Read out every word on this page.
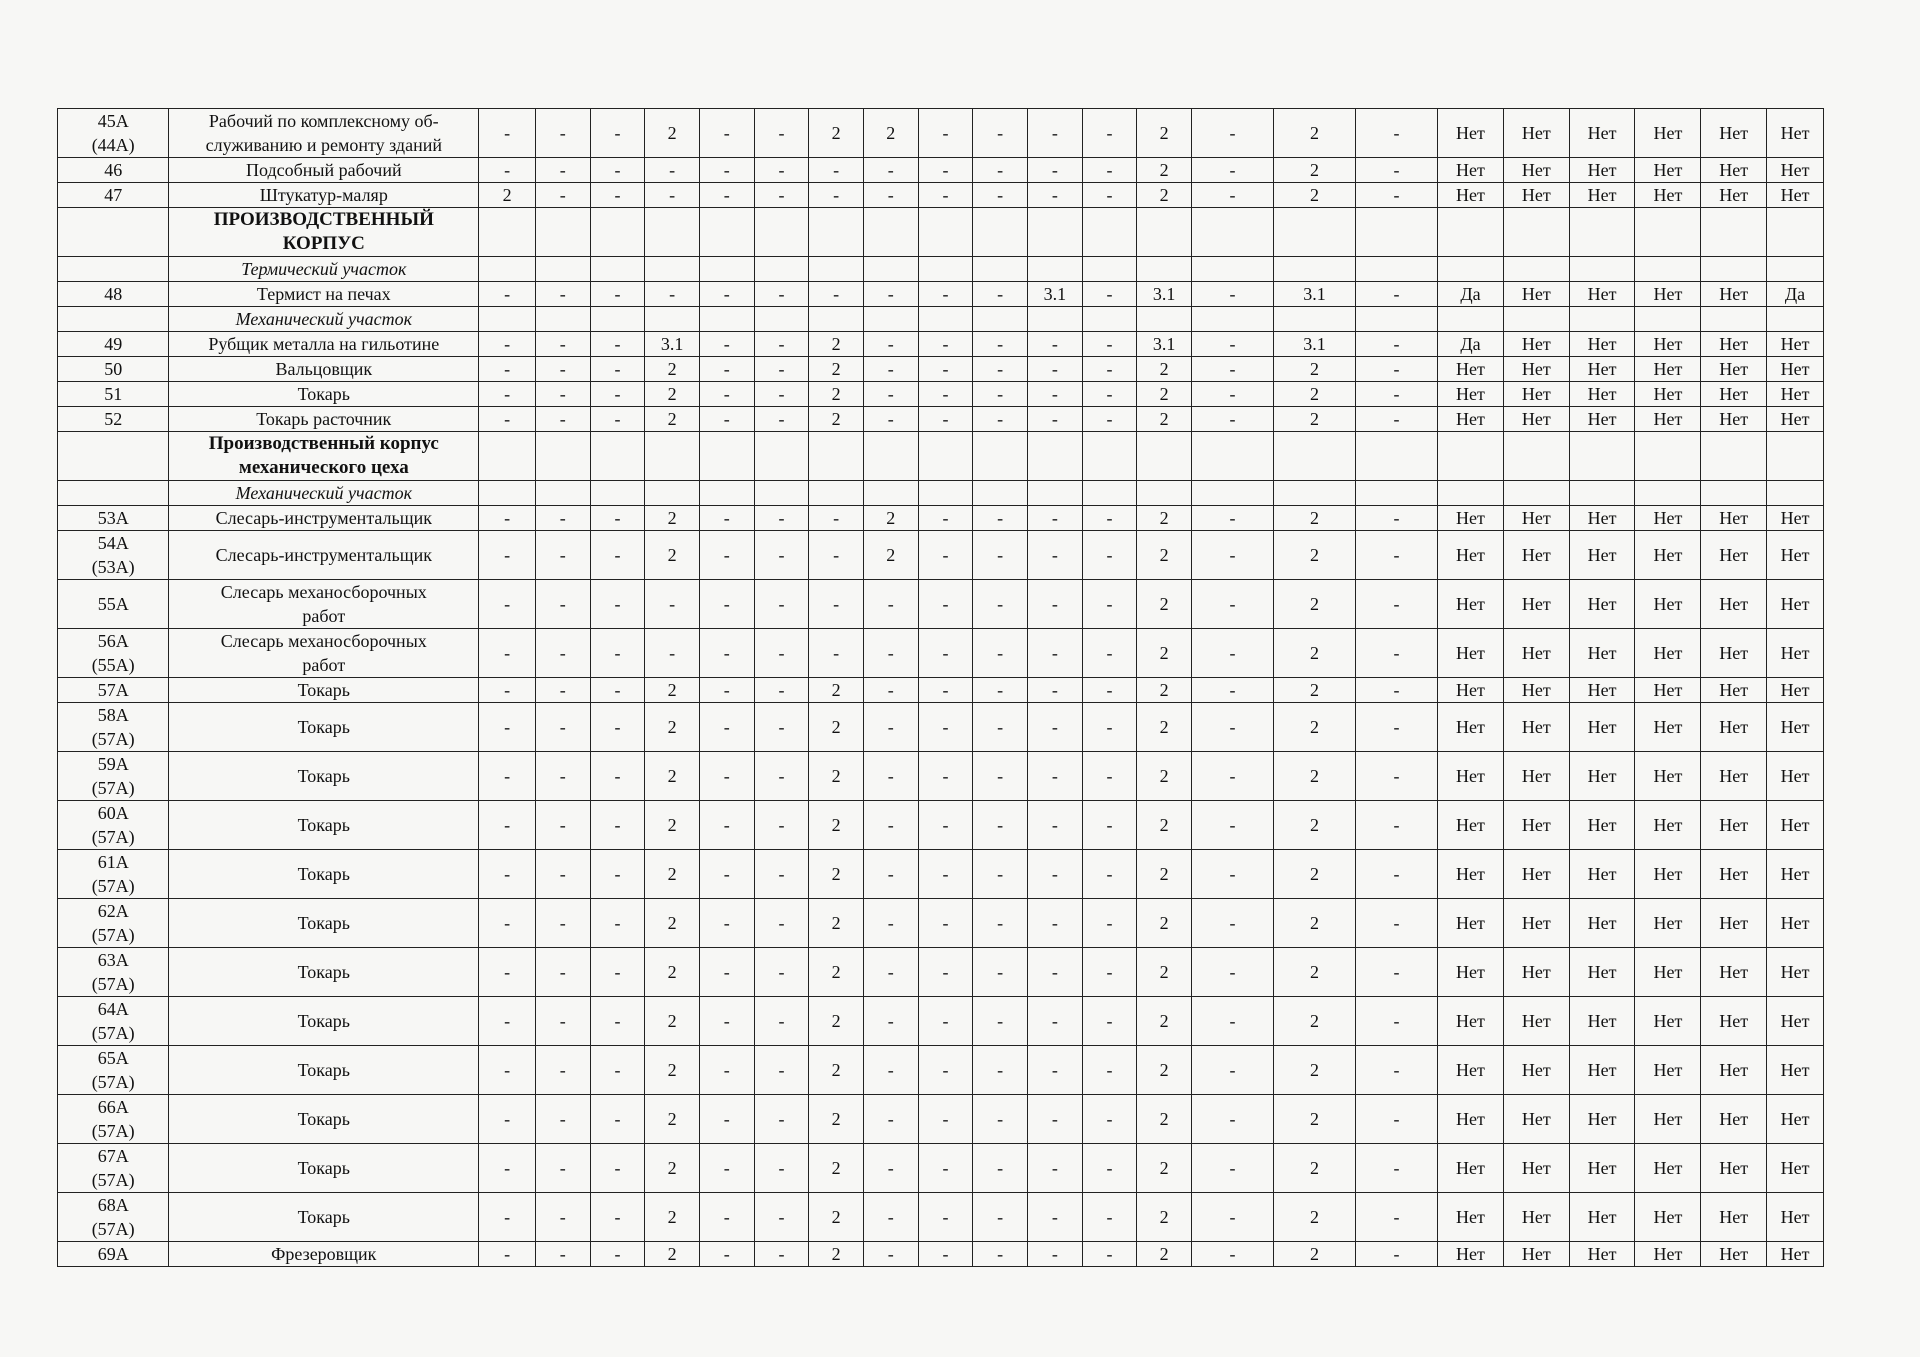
45А
(44А)	Рабочий по комплексному об-
служиванию и ремонту зданий	-	-	-	2	-	-	2	2	-	-	-	-	2	-	2	-	Нет	Нет	Нет	Нет	Нет	Нет
46	Подсобный рабочий	-	-	-	-	-	-	-	-	-	-	-	-	2	-	2	-	Нет	Нет	Нет	Нет	Нет	Нет
47	Штукатур-маляр	2	-	-	-	-	-	-	-	-	-	-	-	2	-	2	-	Нет	Нет	Нет	Нет	Нет	Нет
	ПРОИЗВОДСТВЕННЫЙ
КОРПУС																						
	Термический участок																						
48	Термист на печах	-	-	-	-	-	-	-	-	-	-	3.1	-	3.1	-	3.1	-	Да	Нет	Нет	Нет	Нет	Да
	Механический участок																						
49	Рубщик металла на гильотине	-	-	-	3.1	-	-	2	-	-	-	-	-	3.1	-	3.1	-	Да	Нет	Нет	Нет	Нет	Нет
50	Вальцовщик	-	-	-	2	-	-	2	-	-	-	-	-	2	-	2	-	Нет	Нет	Нет	Нет	Нет	Нет
51	Токарь	-	-	-	2	-	-	2	-	-	-	-	-	2	-	2	-	Нет	Нет	Нет	Нет	Нет	Нет
52	Токарь расточник	-	-	-	2	-	-	2	-	-	-	-	-	2	-	2	-	Нет	Нет	Нет	Нет	Нет	Нет
	Производственный корпус
механического цеха																						
	Механический участок																						
53А	Слесарь-инструментальщик	-	-	-	2	-	-	-	2	-	-	-	-	2	-	2	-	Нет	Нет	Нет	Нет	Нет	Нет
54А
(53А)	Слесарь-инструментальщик	-	-	-	2	-	-	-	2	-	-	-	-	2	-	2	-	Нет	Нет	Нет	Нет	Нет	Нет
55А	Слесарь механосборочных
работ	-	-	-	-	-	-	-	-	-	-	-	-	2	-	2	-	Нет	Нет	Нет	Нет	Нет	Нет
56А
(55А)	Слесарь механосборочных
работ	-	-	-	-	-	-	-	-	-	-	-	-	2	-	2	-	Нет	Нет	Нет	Нет	Нет	Нет
57А	Токарь	-	-	-	2	-	-	2	-	-	-	-	-	2	-	2	-	Нет	Нет	Нет	Нет	Нет	Нет
58А
(57А)	Токарь	-	-	-	2	-	-	2	-	-	-	-	-	2	-	2	-	Нет	Нет	Нет	Нет	Нет	Нет
59А
(57А)	Токарь	-	-	-	2	-	-	2	-	-	-	-	-	2	-	2	-	Нет	Нет	Нет	Нет	Нет	Нет
60А
(57А)	Токарь	-	-	-	2	-	-	2	-	-	-	-	-	2	-	2	-	Нет	Нет	Нет	Нет	Нет	Нет
61А
(57А)	Токарь	-	-	-	2	-	-	2	-	-	-	-	-	2	-	2	-	Нет	Нет	Нет	Нет	Нет	Нет
62А
(57А)	Токарь	-	-	-	2	-	-	2	-	-	-	-	-	2	-	2	-	Нет	Нет	Нет	Нет	Нет	Нет
63А
(57А)	Токарь	-	-	-	2	-	-	2	-	-	-	-	-	2	-	2	-	Нет	Нет	Нет	Нет	Нет	Нет
64А
(57А)	Токарь	-	-	-	2	-	-	2	-	-	-	-	-	2	-	2	-	Нет	Нет	Нет	Нет	Нет	Нет
65А
(57А)	Токарь	-	-	-	2	-	-	2	-	-	-	-	-	2	-	2	-	Нет	Нет	Нет	Нет	Нет	Нет
66А
(57А)	Токарь	-	-	-	2	-	-	2	-	-	-	-	-	2	-	2	-	Нет	Нет	Нет	Нет	Нет	Нет
67А
(57А)	Токарь	-	-	-	2	-	-	2	-	-	-	-	-	2	-	2	-	Нет	Нет	Нет	Нет	Нет	Нет
68А
(57А)	Токарь	-	-	-	2	-	-	2	-	-	-	-	-	2	-	2	-	Нет	Нет	Нет	Нет	Нет	Нет
69А	Фрезеровщик	-	-	-	2	-	-	2	-	-	-	-	-	2	-	2	-	Нет	Нет	Нет	Нет	Нет	Нет
